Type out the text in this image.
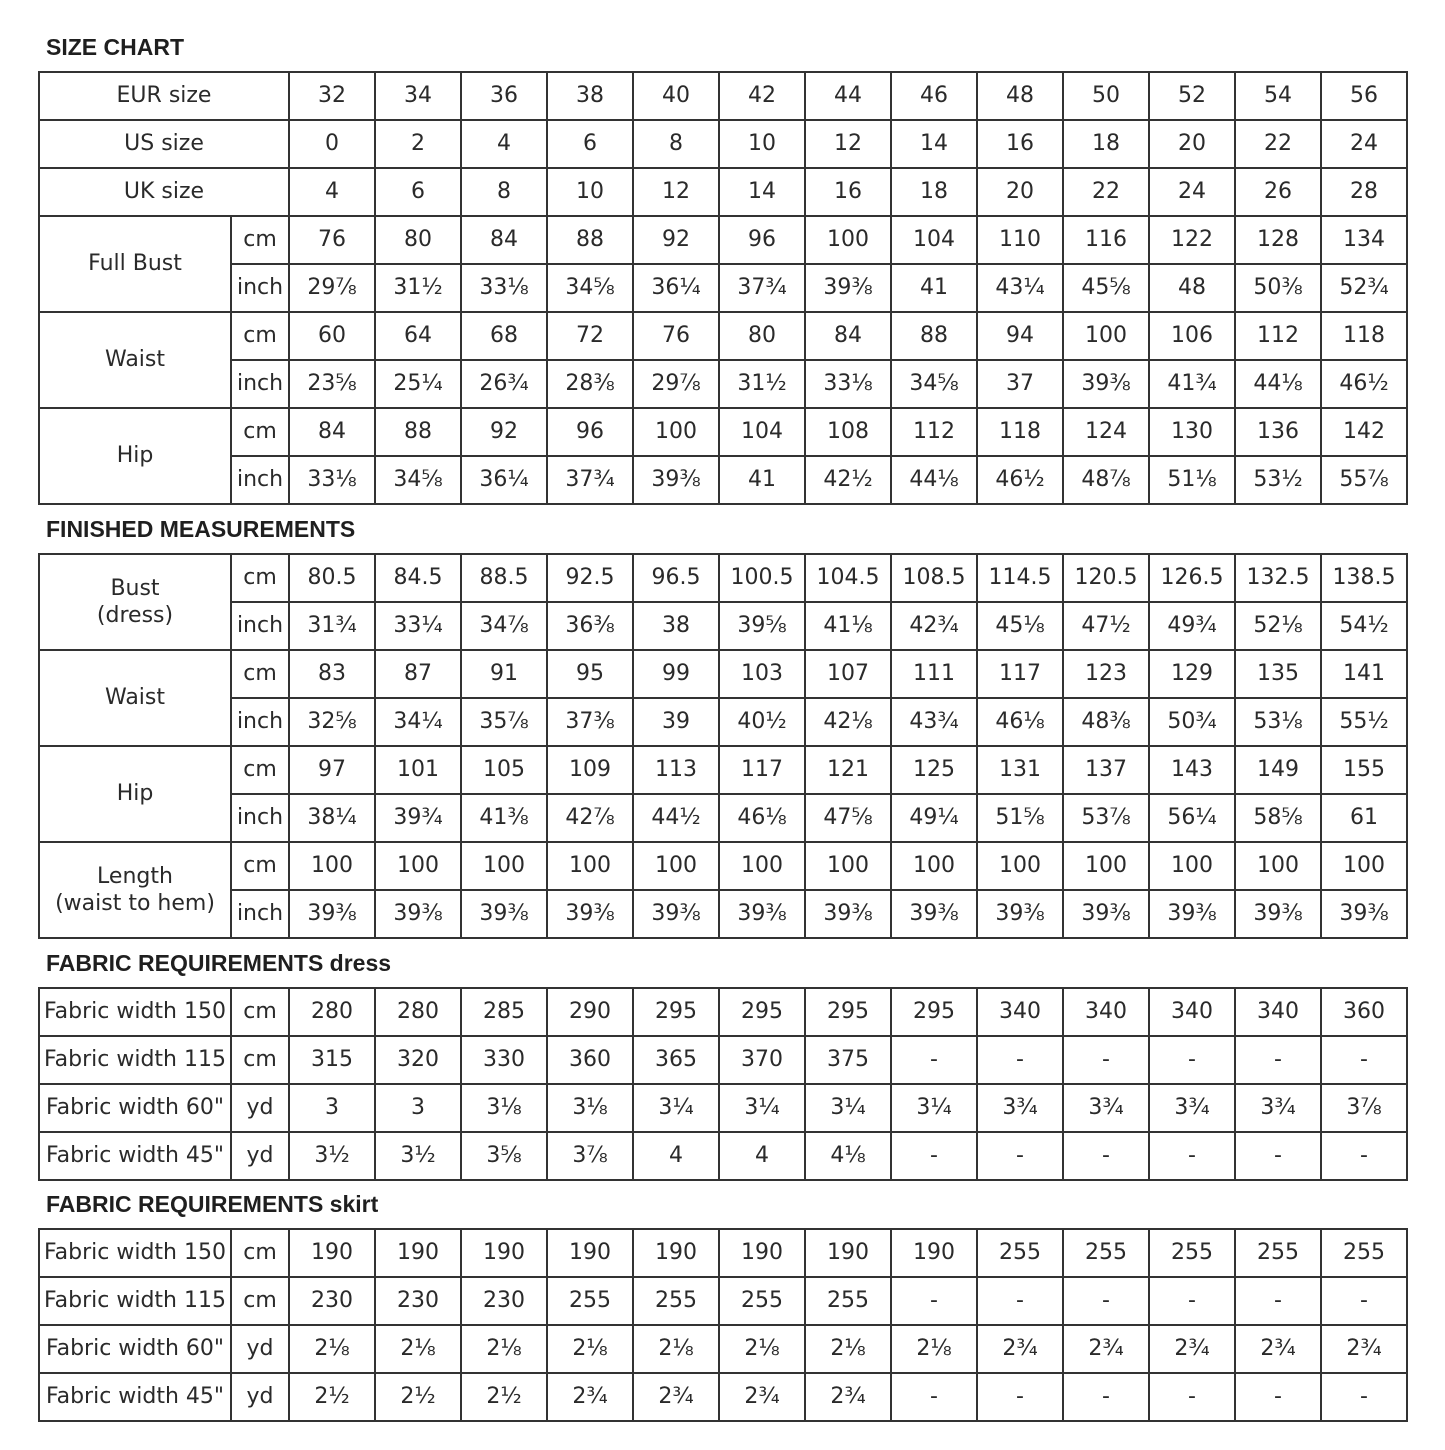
SIZE CHART
EUR size		32	34	36	38	40	42	44	46	48	50	52	54	56
US size		0	2	4	6	8	10	12	14	16	18	20	22	24
UK size		4	6	8	10	12	14	16	18	20	22	24	26	28
Full Bust	cm	76	80	84	88	92	96	100	104	110	116	122	128	134
	inch	29⅞	31½	33⅛	34⅝	36¼	37¾	39⅜	41	43¼	45⅝	48	50⅜	52¾
Waist	cm	60	64	68	72	76	80	84	88	94	100	106	112	118
	inch	23⅝	25¼	26¾	28⅜	29⅞	31½	33⅛	34⅝	37	39⅜	41¾	44⅛	46½
Hip	cm	84	88	92	96	100	104	108	112	118	124	130	136	142
	inch	33⅛	34⅝	36¼	37¾	39⅜	41	42½	44⅛	46½	48⅞	51⅛	53½	55⅞
FINISHED MEASUREMENTS
Bust
(dress)	cm	80.5	84.5	88.5	92.5	96.5	100.5	104.5	108.5	114.5	120.5	126.5	132.5	138.5
	inch	31¾	33¼	34⅞	36⅜	38	39⅝	41⅛	42¾	45⅛	47½	49¾	52⅛	54½

Waist	cm	83	87	91	95	99	103	107	111	117	123	129	135	141
	inch	32⅝	34¼	35⅞	37⅜	39	40½	42⅛	43¾	46⅛	48⅜	50¾	53⅛	55½

Hip	cm	97	101	105	109	113	117	121	125	131	137	143	149	155
	inch	38¼	39¾	41⅜	42⅞	44½	46⅛	47⅝	49¼	51⅝	53⅞	56¼	58⅝	61

Length
(waist to hem)	cm	100	100	100	100	100	100	100	100	100	100	100	100	100
	inch	39⅜	39⅜	39⅜	39⅜	39⅜	39⅜	39⅜	39⅜	39⅜	39⅜	39⅜	39⅜	39⅜
FABRIC REQUIREMENTS dress
Fabric width 150	cm	280	280	285	290	295	295	295	295	340	340	340	340	360
Fabric width 115	cm	315	320	330	360	365	370	375	-	-	-	-	-	-
Fabric width 60"	yd	3	3	3⅛	3⅛	3¼	3¼	3¼	3¼	3¾	3¾	3¾	3¾	3⅞
Fabric width 45"	yd	3½	3½	3⅝	3⅞	4	4	4⅛	-	-	-	-	-	-
FABRIC REQUIREMENTS skirt
Fabric width 150	cm	190	190	190	190	190	190	190	190	255	255	255	255	255
Fabric width 115	cm	230	230	230	255	255	255	255	-	-	-	-	-	-
Fabric width 60"	yd	2⅛	2⅛	2⅛	2⅛	2⅛	2⅛	2⅛	2⅛	2¾	2¾	2¾	2¾	2¾
Fabric width 45"	yd	2½	2½	2½	2¾	2¾	2¾	2¾	-	-	-	-	-	-
